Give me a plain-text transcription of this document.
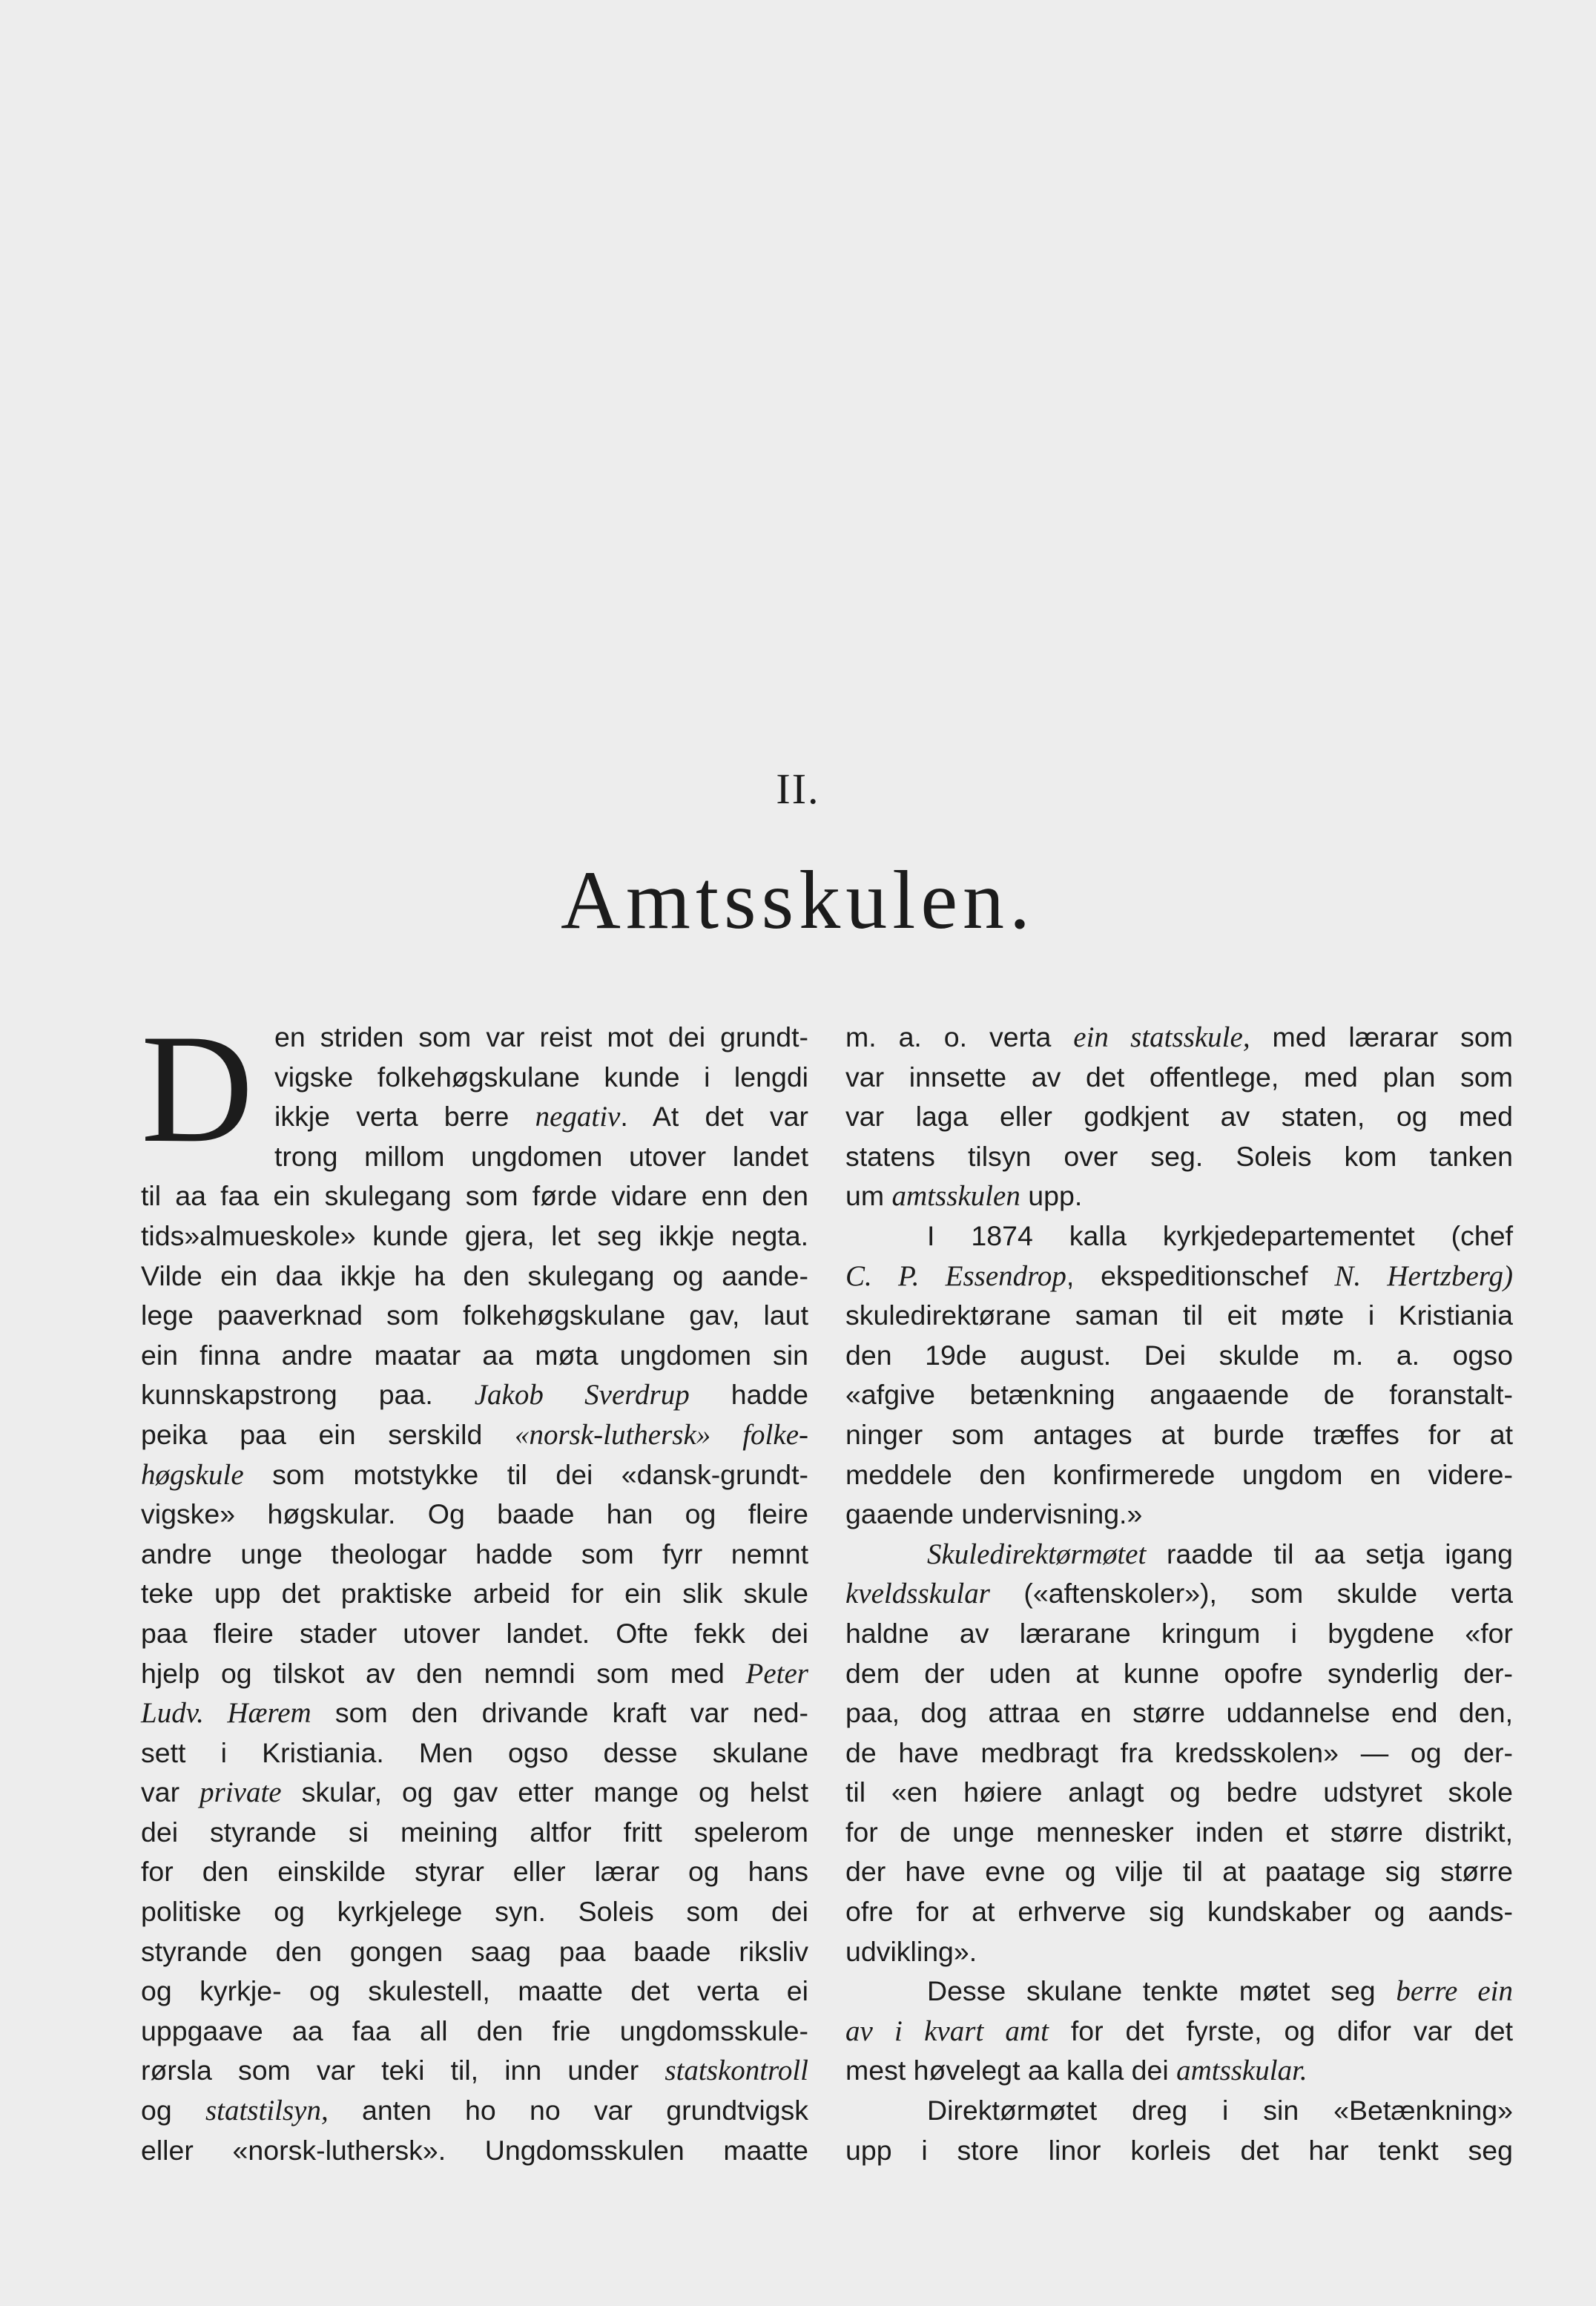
II.
Amtsskulen.
D en striden som var reist mot dei grundt-
vigske folkehøgskulane kunde i lengdi
ikkje verta berre negativ. At det var
trong millom ungdomen utover landet
til aa faa ein skulegang som førde vidare enn den
tids»almueskole» kunde gjera, let seg ikkje negta.
Vilde ein daa ikkje ha den skulegang og aande-
lege paaverknad som folkehøgskulane gav, laut
ein finna andre maatar aa møta ungdomen sin
kunnskapstrong paa. Jakob Sverdrup hadde
peika paa ein serskild «norsk-luthersk» folke-
høgskule som motstykke til dei «dansk-grundt-
vigske» høgskular. Og baade han og fleire
andre unge theologar hadde som fyrr nemnt
teke upp det praktiske arbeid for ein slik skule
paa fleire stader utover landet. Ofte fekk dei
hjelp og tilskot av den nemndi som med Peter
Ludv. Hærem som den drivande kraft var ned-
sett i Kristiania. Men ogso desse skulane
var private skular, og gav etter mange og helst
dei styrande si meining altfor fritt spelerom
for den einskilde styrar eller lærar og hans
politiske og kyrkjelege syn. Soleis som dei
styrande den gongen saag paa baade riksliv
og kyrkje- og skulestell, maatte det verta ei
uppgaave aa faa all den frie ungdomsskule-
rørsla som var teki til, inn under statskontroll
og statstilsyn, anten ho no var grundtvigsk
eller «norsk-luthersk». Ungdomsskulen maatte
m. a. o. verta ein statsskule, med lærarar som
var innsette av det offentlege, med plan som
var laga eller godkjent av staten, og med
statens tilsyn over seg. Soleis kom tanken
um amtsskulen upp.
I 1874 kalla kyrkjedepartementet (chef
C. P. Essendrop, ekspeditionschef N. Hertzberg)
skuledirektørane saman til eit møte i Kristiania
den 19de august. Dei skulde m. a. ogso
«afgive betænkning angaaende de foranstalt-
ninger som antages at burde træffes for at
meddele den konfirmerede ungdom en videre-
gaaende undervisning.»
Skuledirektørmøtet raadde til aa setja igang
kveldsskular («aftenskoler»), som skulde verta
haldne av lærarane kringum i bygdene «for
dem der uden at kunne opofre synderlig der-
paa, dog attraa en større uddannelse end den,
de have medbragt fra kredsskolen» — og der-
til «en høiere anlagt og bedre udstyret skole
for de unge mennesker inden et større distrikt,
der have evne og vilje til at paatage sig større
ofre for at erhverve sig kundskaber og aands-
udvikling».
Desse skulane tenkte møtet seg berre ein
av i kvart amt for det fyrste, og difor var det
mest høvelegt aa kalla dei amtsskular.
Direktørmøtet dreg i sin «Betænkning»
upp i store linor korleis det har tenkt seg
